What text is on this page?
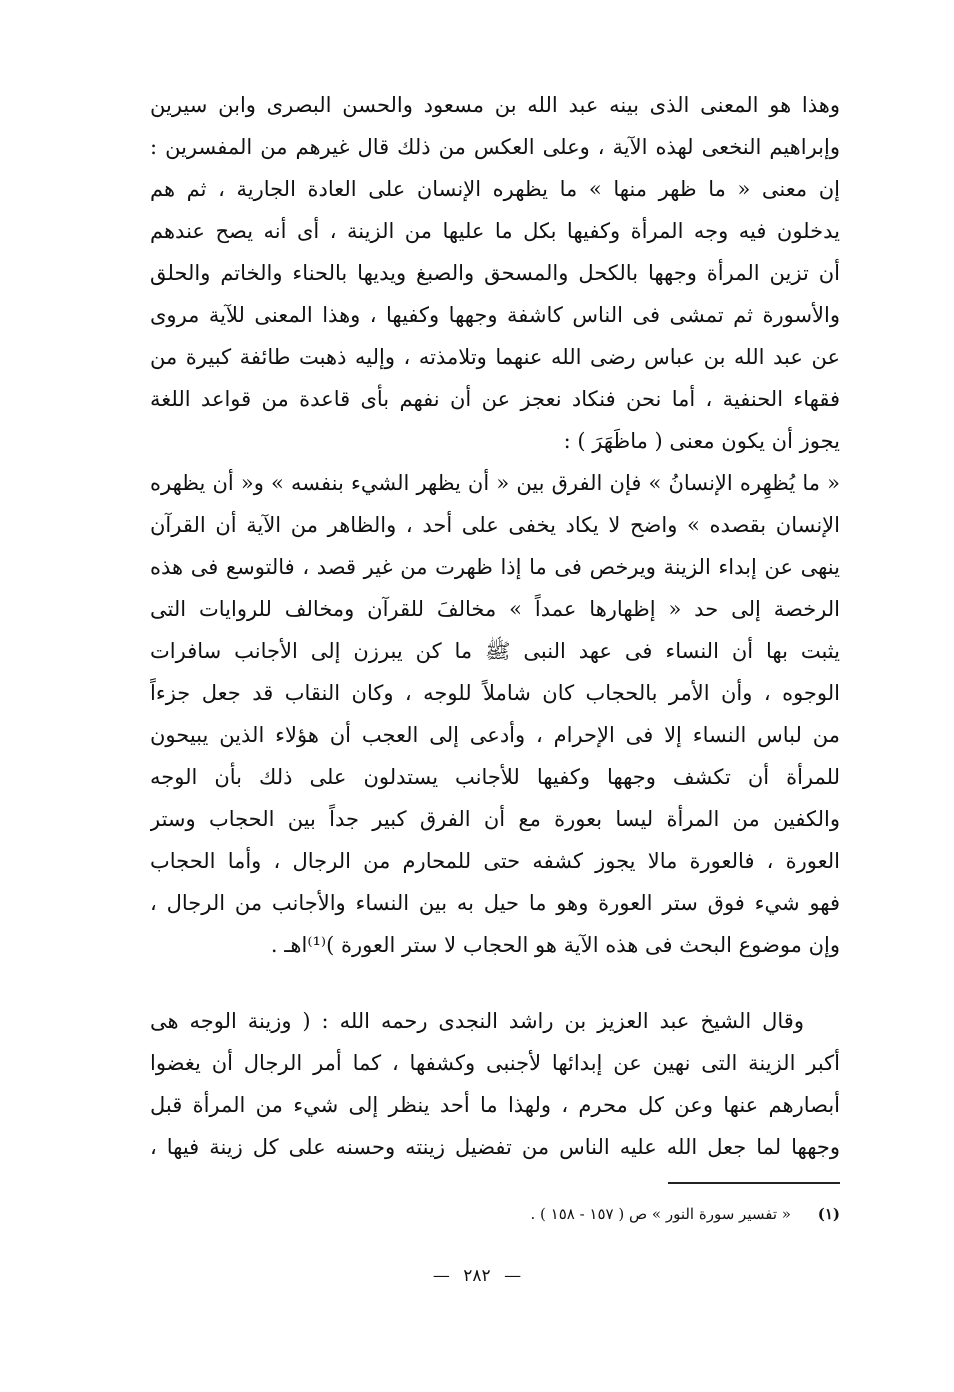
وهذا هو المعنى الذى بينه عبد الله بن مسعود والحسن البصرى وابن سيرين
وإبراهيم النخعى لهذه الآية ، وعلى العكس من ذلك قال غيرهم من المفسرين :
إن معنى « ما ظهر منها » ما يظهره الإنسان على العادة الجارية ، ثم هم
يدخلون فيه وجه المرأة وكفيها بكل ما عليها من الزينة ، أى أنه يصح عندهم
أن تزين المرأة وجهها بالكحل والمسحق والصبغ ويديها بالحناء والخاتم والحلق
والأسورة ثم تمشى فى الناس كاشفة وجهها وكفيها ، وهذا المعنى للآية مروى
عن عبد الله بن عباس رضى الله عنهما وتلامذته ، وإليه ذهبت طائفة كبيرة من
فقهاء الحنفية ، أما نحن فنكاد نعجز عن أن نفهم بأى قاعدة من قواعد اللغة
يجوز أن يكون معنى ( ماظَهَرَ ) :
« ما يُظهِره الإنسانُ » فإن الفرق بين « أن يظهر الشيء بنفسه » و« أن يظهره
الإنسان بقصده » واضح لا يكاد يخفى على أحد ، والظاهر من الآية أن القرآن
ينهى عن إبداء الزينة ويرخص فى ما إذا ظهرت من غير قصد ، فالتوسع فى هذه
الرخصة إلى حد « إظهارها عمداً » مخالفَ للقرآن ومخالف للروايات التى
يثبت بها أن النساء فى عهد النبى ﷺ ما كن يبرزن إلى الأجانب سافرات
الوجوه ، وأن الأمر بالحجاب كان شاملاً للوجه ، وكان النقاب قد جعل جزءاً
من لباس النساء إلا فى الإحرام ، وأدعى إلى العجب أن هؤلاء الذين يبيحون
للمرأة أن تكشف وجهها وكفيها للأجانب يستدلون على ذلك بأن الوجه
والكفين من المرأة ليسا بعورة مع أن الفرق كبير جداً بين الحجاب وستر
العورة ، فالعورة مالا يجوز كشفه حتى للمحارم من الرجال ، وأما الحجاب
فهو شيء فوق ستر العورة وهو ما حيل به بين النساء والأجانب من الرجال ،
وإن موضوع البحث فى هذه الآية هو الحجاب لا ستر العورة )⁽¹⁾اهـ .
وقال الشيخ عبد العزيز بن راشد النجدى رحمه الله : ( وزينة الوجه هى
أكبر الزينة التى نهين عن إبدائها لأجنبى وكشفها ، كما أمر الرجال أن يغضوا
أبصارهم عنها وعن كل محرم ، ولهذا ما أحد ينظر إلى شيء من المرأة قبل
وجهها لما جعل الله عليه الناس من تفضيل زينته وحسنه على كل زينة فيها ،
(١) « تفسير سورة النور » ص ( ١٥٧ - ١٥٨ ) .
— ٢٨٢ —
